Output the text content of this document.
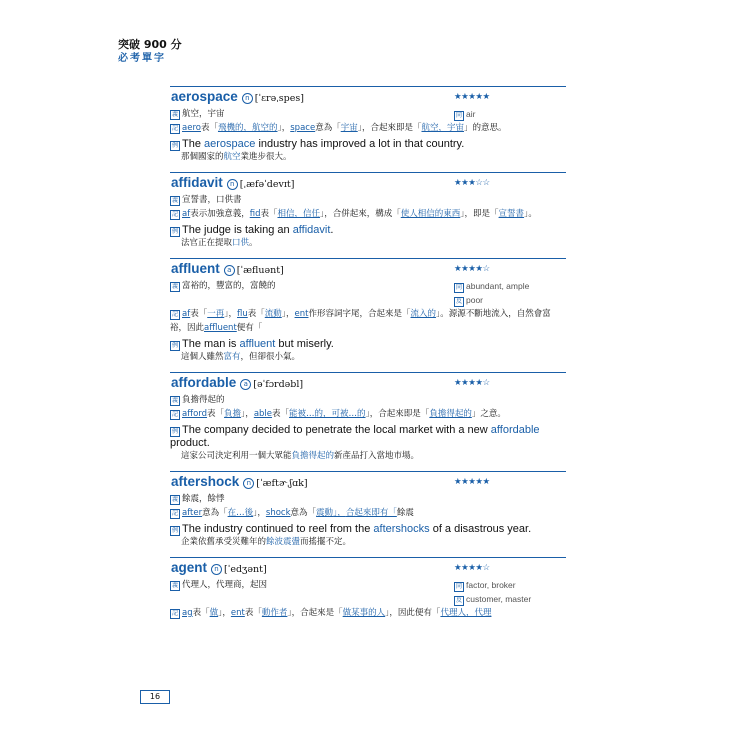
突破 900 分
必考單字
aerospace n [ˈɛrəˌspes]	★★★★★
義 航空，宇宙	同 air
記 aero表「飛機的，航空的」，space意為「宇宙」，合起來即是「航空，宇宙」的意思。
例 The aerospace industry has improved a lot in that country.
那個國家的航空業進步很大。
affidavit n [ˌæfəˈdevɪt]	★★★☆☆
義 宣誓書，口供書
記 af表示加強意義，fid表「相信，信任」，合併起來，構成「使人相信的東西」，即是「宣誓書」。
例 The judge is taking an affidavit.
法官正在提取口供。
affluent a [ˈæfluənt]	★★★★☆
義 富裕的，豐富的，富饒的	同 abundant, ample

反 poor
記 af表「一再」，flu表「流動」，ent作形容詞字尾，合起來是「流入的」。源源不斷地流入，自然會富裕，因此affluent便有「
例 The man is affluent but miserly.
這個人雖然富有，但卻很小氣。
affordable a [əˈfɔrdəbl]	★★★★☆
義 負擔得起的
記 afford表「負擔」，able表「能被…的，可被…的」，合起來即是「負擔得起的」之意。
例 The company decided to penetrate the local market with a new affordable product.
這家公司決定利用一個大眾能負擔得起的新產品打入當地市場。
aftershock n [ˈæftɚˌʃɑk]	★★★★★
義 餘震，餘悸
記 after意為「在…後」，shock意為「震動」，合起來即有「餘震
例 The industry continued to reel from the aftershocks of a disastrous year.
企業依舊承受災難年的餘波震盪而搖擺不定。
agent n [ˈedʒənt]	★★★★☆
義 代理人，代理商，起因	同 factor, broker

反 customer, master
記 ag表「做」，ent表「動作者」，合起來是「做某事的人」，因此便有「代理人，代理
16
